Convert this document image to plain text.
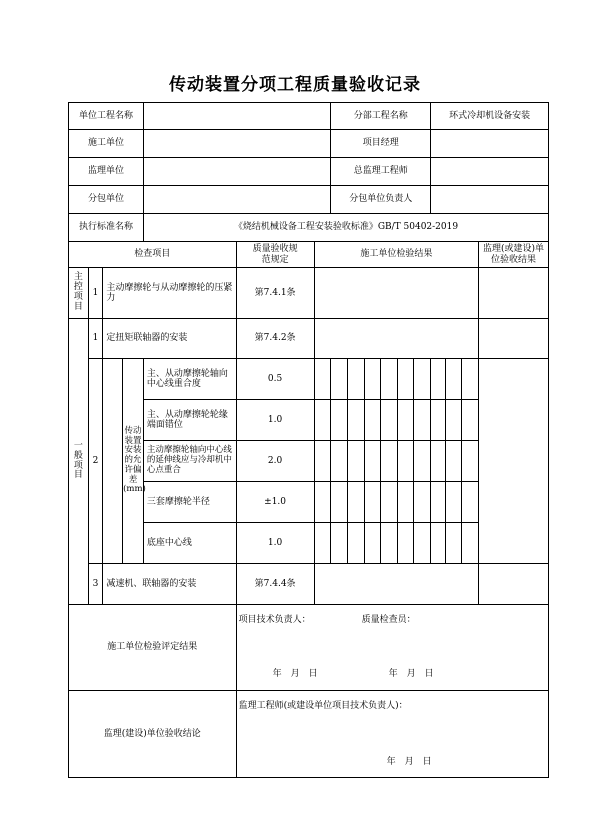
传动装置分项工程质量验收记录
单位工程名称							分部工程名称						环式冷却机设备安装			
施工单位							项目经理									
监理单位							总监理工程师									
分包单位							分包单位负责人									
执行标准名称				《烧结机械设备工程安装验收标准》GB/T 50402-2019												
检查项目					质量验收规范规定	施工单位检验结果										监理(或建设)单位验收结果
主控项目	1	主动摩擦轮与从动摩擦轮的压紧力			第7.4.1条											
一般项目	1	定扭矩联轴器的安装			第7.4.2条											
	2		传动装置安装的允许偏差(mm)	主、从动摩擦轮轴向中心线重合度	0.5											
				主、从动摩擦轮轮缘端面错位	1.0											
				主动摩擦轮轴向中心线的延伸线应与冷却机中心点重合	2.0											
				三套摩擦轮半径	±1.0											
				底座中心线	1.0											
	3	减速机、联轴器的安装			第7.4.4条											
施工单位检验评定结果					项目技术负责人： 质量检查员：
年　月　日 年　月　日											

监理(建设)单位验收结论					监理工程师(或建设单位项目技术负责人)：
年　月　日											
